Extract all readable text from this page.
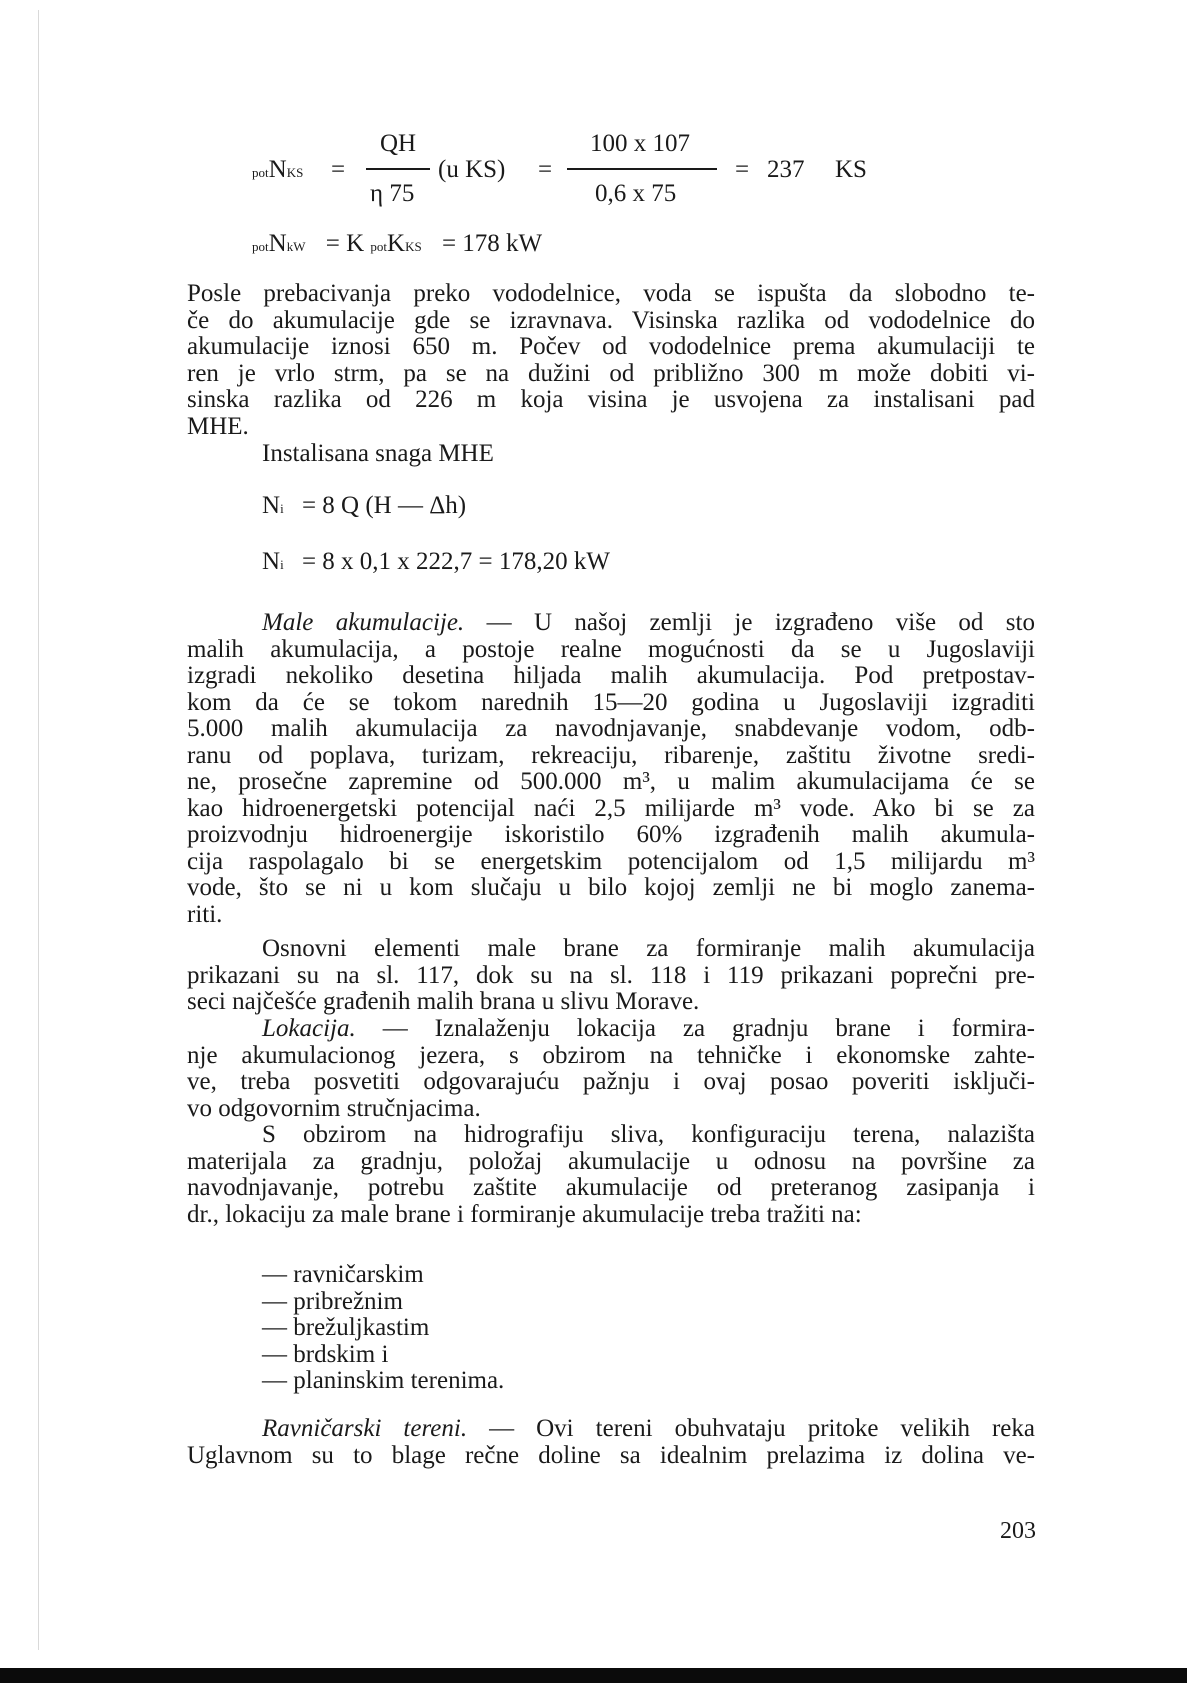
potNKS =
QH
η 75
(u KS) =
100 x 107
0,6 x 75
= 237 KS
potNkW = K potKKS = 178 kW
Posle prebacivanja preko vododelnice, voda se ispušta da slobodno te-
če do akumulacije gde se izravnava. Visinska razlika od vododelnice do
akumulacije iznosi 650 m. Počev od vododelnice prema akumulaciji te
ren je vrlo strm, pa se na dužini od približno 300 m može dobiti vi-
sinska razlika od 226 m koja visina je usvojena za instalisani pad
MHE.
Instalisana snaga MHE
Ni = 8 Q (H — Δh)
Ni = 8 x 0,1 x 222,7 = 178,20 kW
Male akumulacije. — U našoj zemlji je izgrađeno više od sto
malih akumulacija, a postoje realne mogućnosti da se u Jugoslaviji
izgradi nekoliko desetina hiljada malih akumulacija. Pod pretpostav-
kom da će se tokom narednih 15—20 godina u Jugoslaviji izgraditi
5.000 malih akumulacija za navodnjavanje, snabdevanje vodom, odb-
ranu od poplava, turizam, rekreaciju, ribarenje, zaštitu životne sredi-
ne, prosečne zapremine od 500.000 m³, u malim akumulacijama će se
kao hidroenergetski potencijal naći 2,5 milijarde m³ vode. Ako bi se za
proizvodnju hidroenergije iskoristilo 60% izgrađenih malih akumula-
cija raspolagalo bi se energetskim potencijalom od 1,5 milijardu m³
vode, što se ni u kom slučaju u bilo kojoj zemlji ne bi moglo zanema-
riti.
Osnovni elementi male brane za formiranje malih akumulacija
prikazani su na sl. 117, dok su na sl. 118 i 119 prikazani poprečni pre-
seci najčešće građenih malih brana u slivu Morave.
Lokacija. — Iznalaženju lokacija za gradnju brane i formira-
nje akumulacionog jezera, s obzirom na tehničke i ekonomske zahte-
ve, treba posvetiti odgovarajuću pažnju i ovaj posao poveriti isključi-
vo odgovornim stručnjacima.
S obzirom na hidrografiju sliva, konfiguraciju terena, nalazišta
materijala za gradnju, položaj akumulacije u odnosu na površine za
navodnjavanje, potrebu zaštite akumulacije od preteranog zasipanja i
dr., lokaciju za male brane i formiranje akumulacije treba tražiti na:
— ravničarskim
— pribrežnim
— brežuljkastim
— brdskim i
— planinskim terenima.
Ravničarski tereni. — Ovi tereni obuhvataju pritoke velikih reka
Uglavnom su to blage rečne doline sa idealnim prelazima iz dolina ve-
203
